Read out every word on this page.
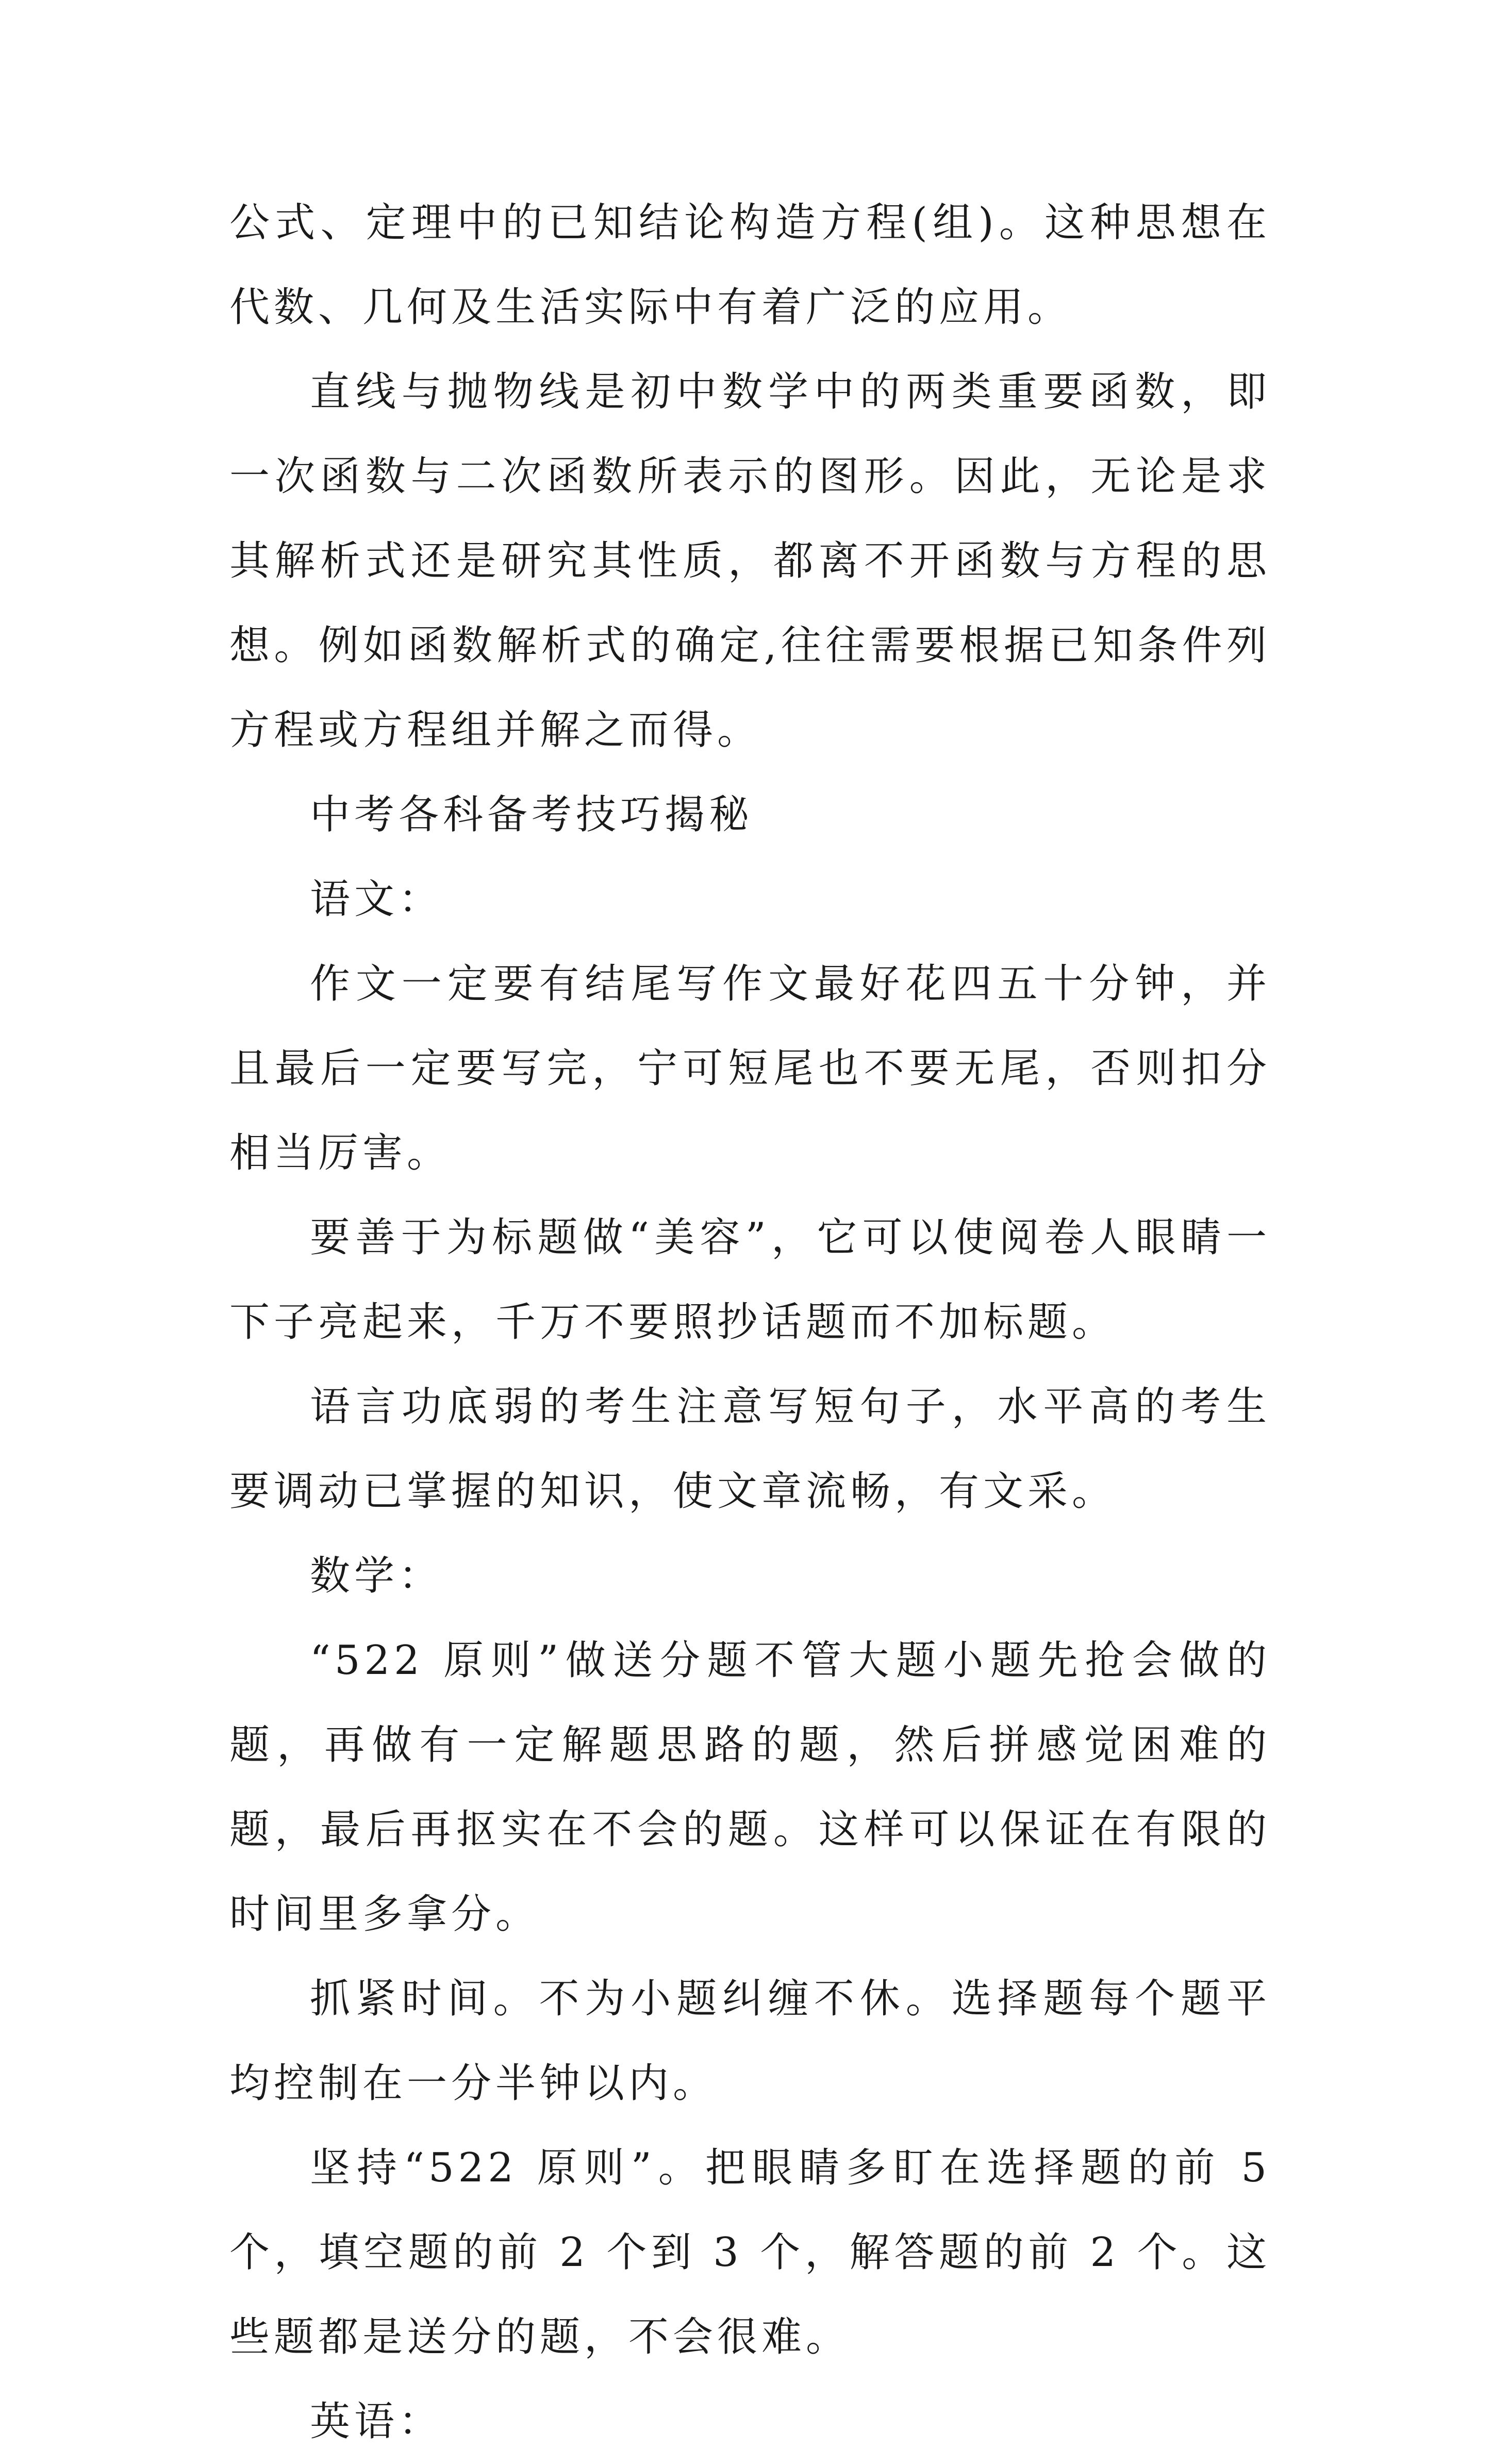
公式、定理中的已知结论构造方程(组)。这种思想在代数、几何及生活实际中有着广泛的应用。

直线与抛物线是初中数学中的两类重要函数，即一次函数与二次函数所表示的图形。因此，无论是求其解析式还是研究其性质，都离不开函数与方程的思想。例如函数解析式的确定,往往需要根据已知条件列方程或方程组并解之而得。

中考各科备考技巧揭秘

语文：

作文一定要有结尾写作文最好花四五十分钟，并且最后一定要写完，宁可短尾也不要无尾，否则扣分相当厉害。

要善于为标题做“美容”，它可以使阅卷人眼睛一下子亮起来，千万不要照抄话题而不加标题。

语言功底弱的考生注意写短句子，水平高的考生要调动已掌握的知识，使文章流畅，有文采。

数学：

“522 原则”做送分题不管大题小题先抢会做的题，再做有一定解题思路的题，然后拼感觉困难的题，最后再抠实在不会的题。这样可以保证在有限的时间里多拿分。

抓紧时间。不为小题纠缠不休。选择题每个题平均控制在一分半钟以内。

坚持“522 原则”。把眼睛多盯在选择题的前 5 个，填空题的前 2 个到 3 个，解答题的前 2 个。这些题都是送分的题，不会很难。

英语：
